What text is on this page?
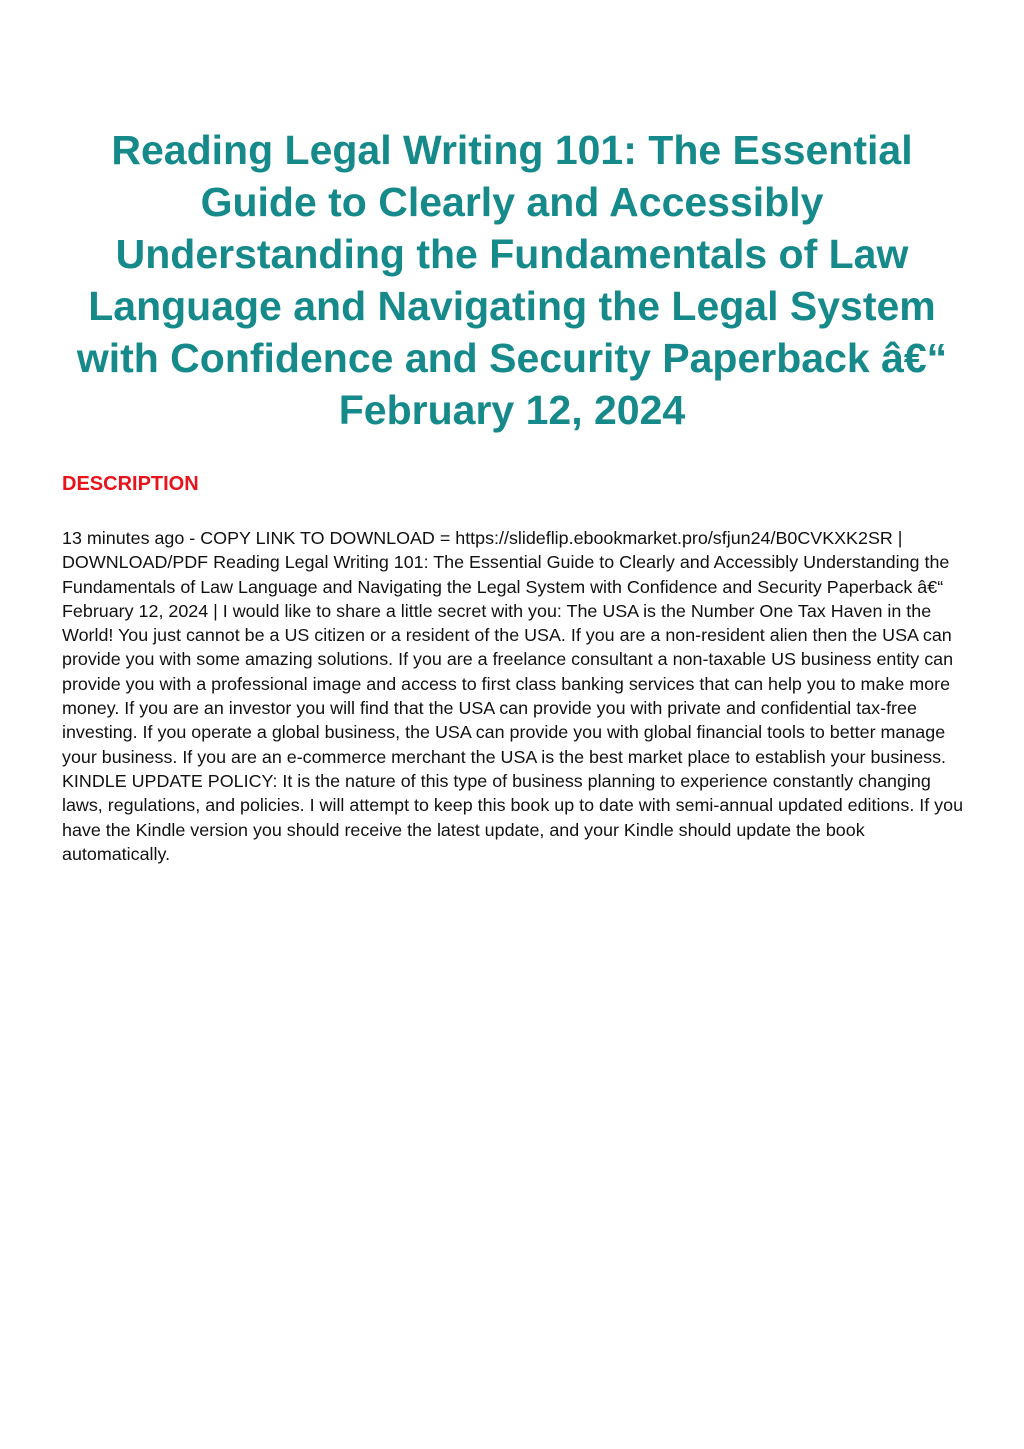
Reading Legal Writing 101: The Essential Guide to Clearly and Accessibly Understanding the Fundamentals of Law Language and Navigating the Legal System with Confidence and Security Paperback â€“ February 12, 2024
DESCRIPTION

13 minutes ago - COPY LINK TO DOWNLOAD = https://slideflip.ebookmarket.pro/sfjun24/B0CVKXK2SR | DOWNLOAD/PDF Reading Legal Writing 101: The Essential Guide to Clearly and Accessibly Understanding the Fundamentals of Law Language and Navigating the Legal System with Confidence and Security Paperback â€“ February 12, 2024 | I would like to share a little secret with you: The USA is the Number One Tax Haven in the World! You just cannot be a US citizen or a resident of the USA. If you are a non-resident alien then the USA can provide you with some amazing solutions. If you are a freelance consultant a non-taxable US business entity can provide you with a professional image and access to first class banking services that can help you to make more money. If you are an investor you will find that the USA can provide you with private and confidential tax-free investing. If you operate a global business, the USA can provide you with global financial tools to better manage your business. If you are an e-commerce merchant the USA is the best market place to establish your business. KINDLE UPDATE POLICY: It is the nature of this type of business planning to experience constantly changing laws, regulations, and policies. I will attempt to keep this book up to date with semi-annual updated editions. If you have the Kindle version you should receive the latest update, and your Kindle should update the book automatically.
